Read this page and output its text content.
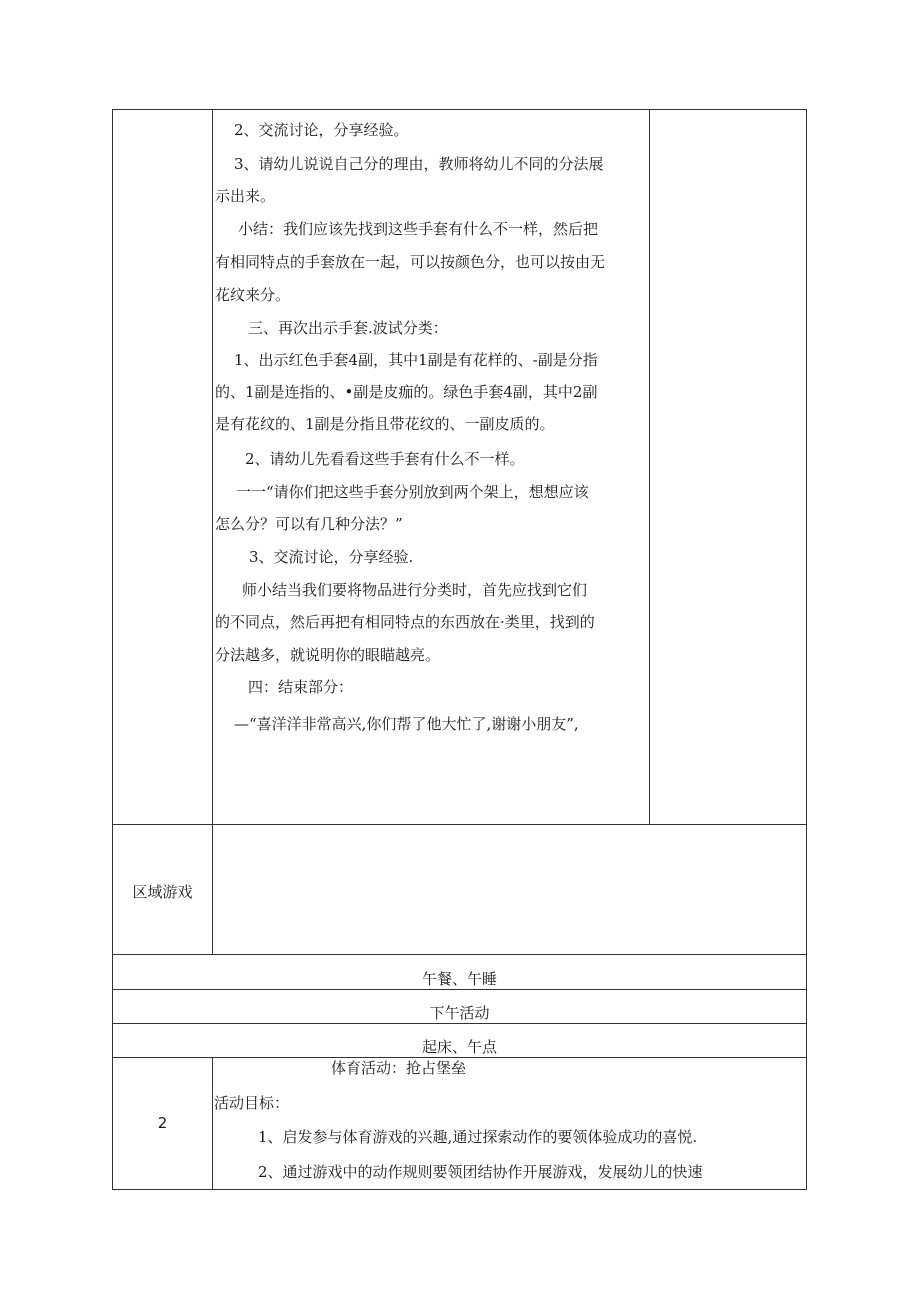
2、交流讨论，分享经验。
3、请幼儿说说自己分的理由，教师将幼儿不同的分法展
示出来。
小结：我们应该先找到这些手套有什么不一样，然后把
有相同特点的手套放在一起，可以按颜色分，也可以按由无
花纹来分。
三、再次出示手套.波试分类：
1、出示红色手套4副，其中1副是有花样的、-副是分指
的、1副是连指的、•副是皮痂的。绿色手套4副，其中2副
是有花纹的、1副是分指且带花纹的、一副皮质的。
2、请幼儿先看看这些手套有什么不一样。
一一“请你们把这些手套分别放到两个架上，想想应该
怎么分？可以有几种分法？”
3、交流讨论，分享经验.
师小结当我们要将物品进行分类时，首先应找到它们
的不同点，然后再把有相同特点的东西放在·类里，找到的
分法越多，就说明你的眼瞄越亮。
四：结束部分：
—“喜洋洋非常高兴,你们帮了他大忙了,谢谢小朋友”,
区域游戏
午餐、午睡
下午活动
起床、午点
2
体育活动：抢占堡垒
活动目标：
1、启发参与体育游戏的兴趣,通过探索动作的要领体验成功的喜悦.
2、通过游戏中的动作规则要领团结协作开展游戏，发展幼儿的快速
